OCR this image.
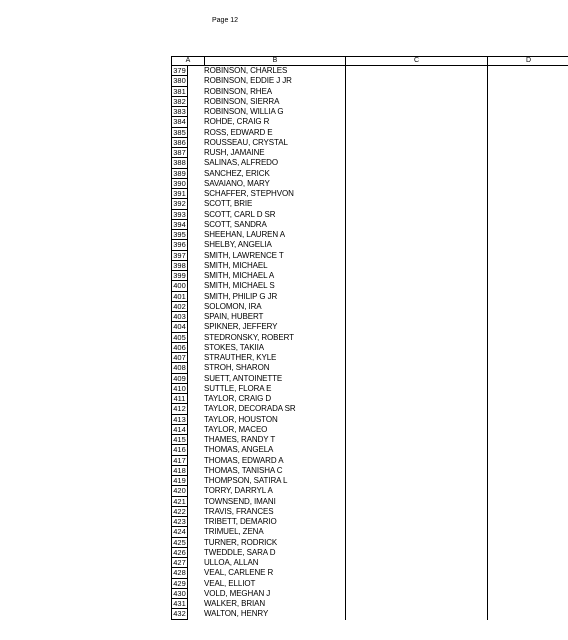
Page 12
A	B	C	D
379	ROBINSON, CHARLES
380	ROBINSON, EDDIE J JR
381	ROBINSON, RHEA
382	ROBINSON, SIERRA
383	ROBINSON, WILLIA G
384	ROHDE, CRAIG R
385	ROSS, EDWARD E
386	ROUSSEAU, CRYSTAL
387	RUSH, JAMAINE
388	SALINAS, ALFREDO
389	SANCHEZ, ERICK
390	SAVAIANO, MARY
391	SCHAFFER, STEPHVON
392	SCOTT, BRIE
393	SCOTT, CARL D SR
394	SCOTT, SANDRA
395	SHEEHAN, LAUREN A
396	SHELBY, ANGELIA
397	SMITH, LAWRENCE T
398	SMITH, MICHAEL
399	SMITH, MICHAEL A
400	SMITH, MICHAEL S
401	SMITH, PHILIP G JR
402	SOLOMON, IRA
403	SPAIN, HUBERT
404	SPIKNER, JEFFERY
405	STEDRONSKY, ROBERT
406	STOKES, TAKIIA
407	STRAUTHER, KYLE
408	STROH, SHARON
409	SUETT, ANTOINETTE
410	SUTTLE, FLORA E
411	TAYLOR, CRAIG D
412	TAYLOR, DECORADA SR
413	TAYLOR, HOUSTON
414	TAYLOR, MACEO
415	THAMES, RANDY T
416	THOMAS, ANGELA
417	THOMAS, EDWARD A
418	THOMAS, TANISHA C
419	THOMPSON, SATIRA L
420	TORRY, DARRYL A
421	TOWNSEND, IMANI
422	TRAVIS, FRANCES
423	TRIBETT, DEMARIO
424	TRIMUEL, ZENA
425	TURNER, RODRICK
426	TWEDDLE, SARA D
427	ULLOA, ALLAN
428	VEAL, CARLENE R
429	VEAL, ELLIOT
430	VOLD, MEGHAN J
431	WALKER, BRIAN
432	WALTON, HENRY
